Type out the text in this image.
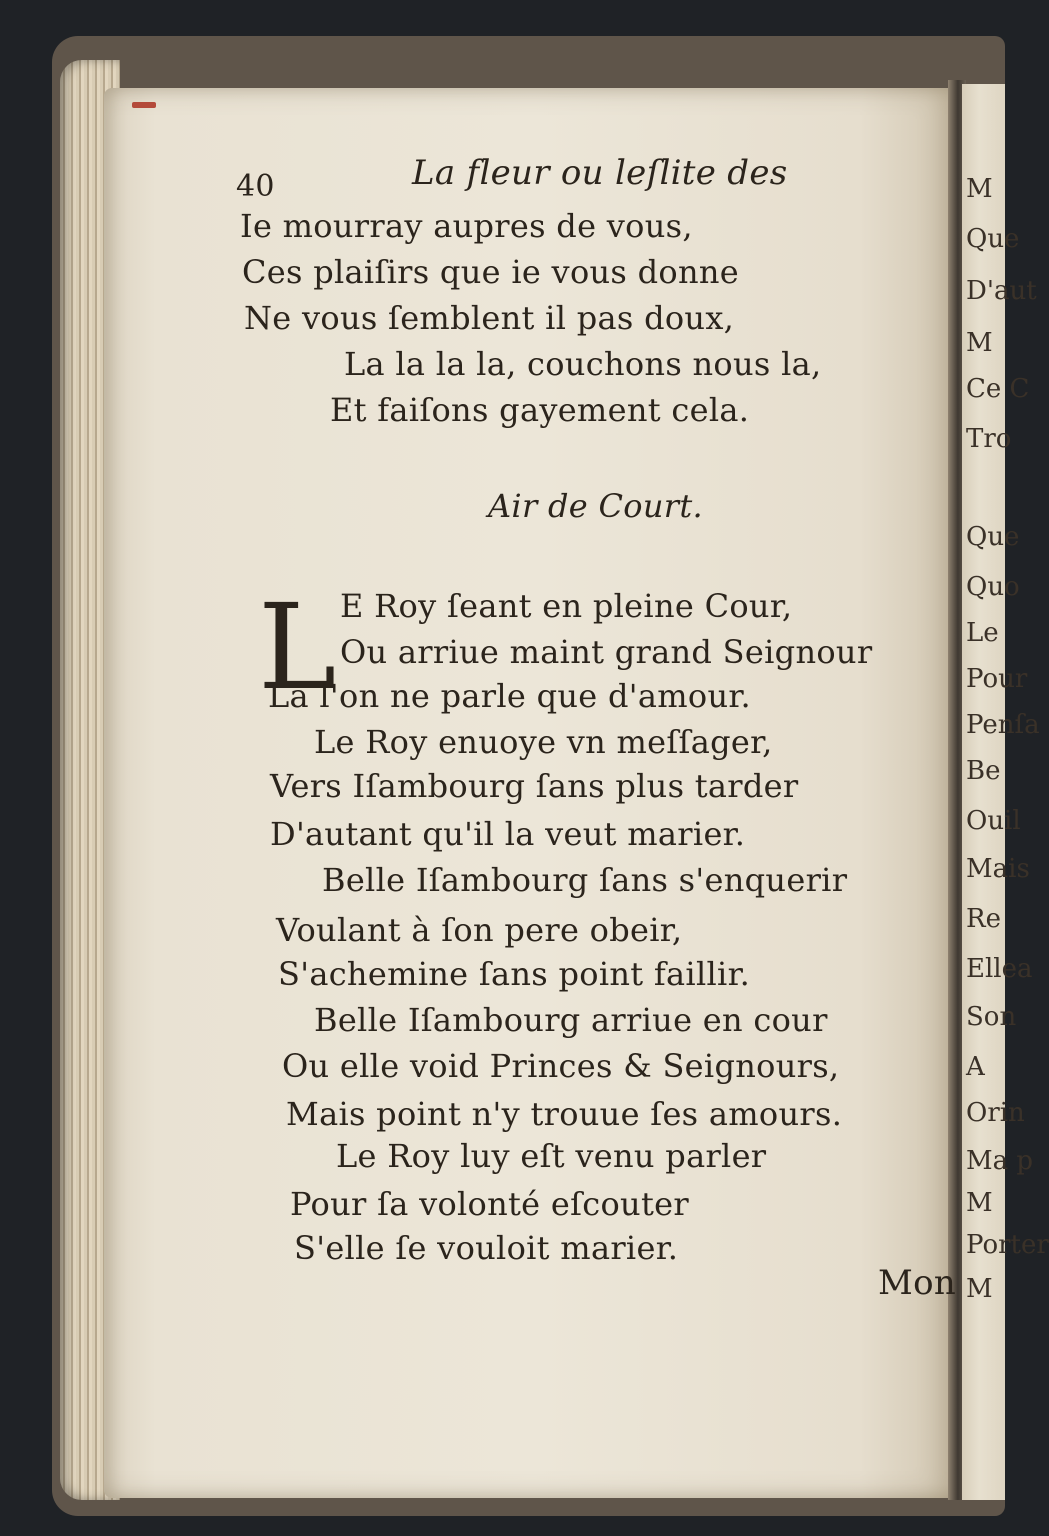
M
Que
D'aut
M
Ce C
Tro
Que
Quo
Le
Pour
Penſa
Be
Ouil
Mais
Re
Ellea
Son
A
Orin
Ma p
M
Porter
M
40	La fleur ou leſlite des
Ie mourray aupres de vous,
Ces plaiſirs que ie vous donne
Ne vous ſemblent il pas doux,
La la la la, couchons nous la,
Et faiſons gayement cela.
Air de Court.
L E Roy ſeant en pleine Cour,
Ou arriue maint grand Seignour
Là l'on ne parle que d'amour.
Le Roy enuoye vn meſſager,
Vers Iſambourg ſans plus tarder
D'autant qu'il la veut marier.
Belle Iſambourg ſans s'enquerir
Voulant à ſon pere obeir,
S'achemine ſans point faillir.
Belle Iſambourg arriue en cour
Ou elle void Princes & Seignours,
Mais point n'y trouue ſes amours.
Le Roy luy eſt venu parler
Pour ſa volonté eſcouter
S'elle ſe vouloit marier.
Mon
